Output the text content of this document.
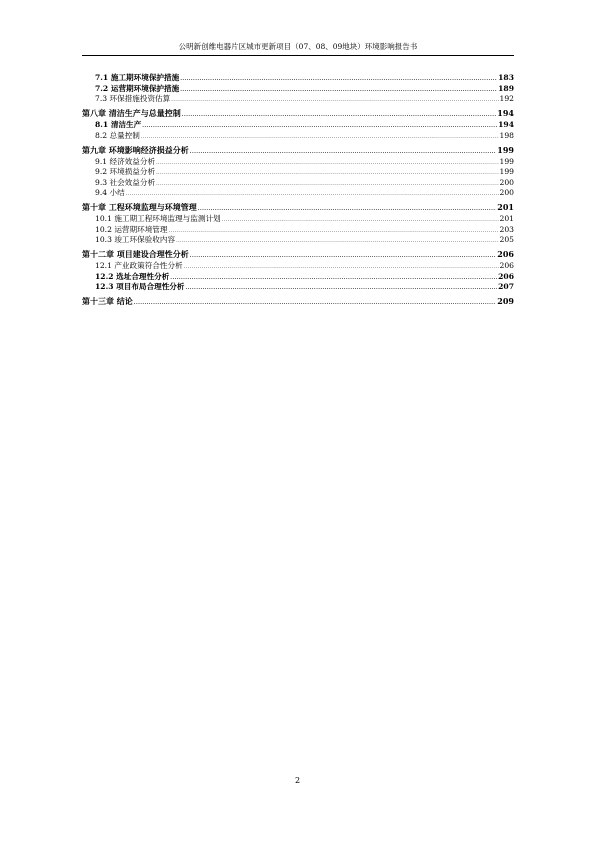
公明新创维电器片区城市更新项目（07、08、09地块）环境影响报告书
7.1 施工期环境保护措施 .....	183
7.2 运营期环境保护措施 .....	189
7.3 环保措施投资估算 .....	192
第八章 清洁生产与总量控制 .....	194
8.1 清洁生产 .....	194
8.2 总量控制 .....	198
第九章 环境影响经济损益分析 .....	199
9.1 经济效益分析 .....	199
9.2 环境损益分析 .....	199
9.3 社会效益分析 .....	200
9.4 小结 .....	200
第十章 工程环境监理与环境管理 .....	201
10.1 施工期工程环境监理与监测计划 .....	201
10.2 运营期环境管理 .....	203
10.3 竣工环保验收内容 .....	205
第十二章 项目建设合理性分析 .....	206
12.1 产业政策符合性分析 .....	206
12.2 选址合理性分析 .....	206
12.3 项目布局合理性分析 .....	207
第十三章 结论 .....	209
2
